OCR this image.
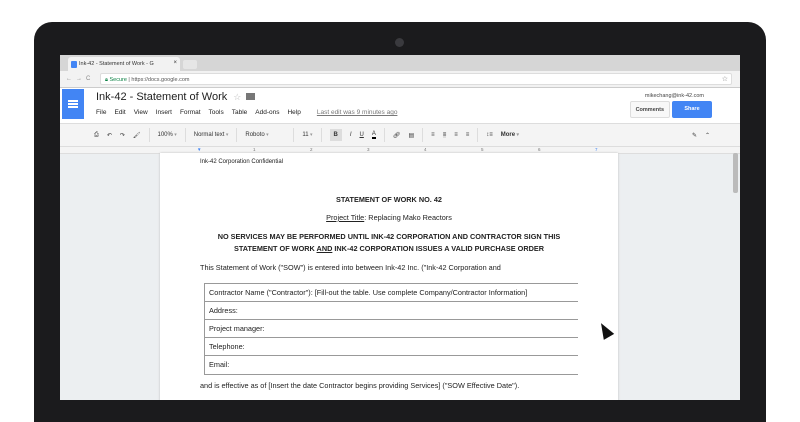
Ink-42 - Statement of Work - G	×
←→C	🔒︎ Secure | https://docs.google.com	☆
Ink-42 - Statement of Work ☆
File Edit View Insert Format Tools Table Add-ons Help Last edit was 9 minutes ago
mikechang@ink-42.com
Comments	Share
⎙ ↶ ↷ 🖌︎	100% ▾	Normal text ▾	Roboto ▾	11 ▾	B	I U A	🔗︎ ▤	≡ ≡ ≡ ≡	↕≡ More ▾	✎ ⌃
▼	1	2	3	4	5	6	7

Ink-42 Corporation Confidential

STATEMENT OF WORK NO. 42

Project Title: Replacing Mako Reactors

NO SERVICES MAY BE PERFORMED UNTIL INK-42 CORPORATION AND CONTRACTOR SIGN THIS

STATEMENT OF WORK AND INK-42 CORPORATION ISSUES A VALID PURCHASE ORDER

This Statement of Work ("SOW") is entered into between Ink-42 Inc. ("Ink-42 Corporation and

Contractor Name ("Contractor"): [Fill-out the table. Use complete Company/Contractor Information]
Address:
Project manager:
Telephone:
Email:

and is effective as of [Insert the date Contractor begins providing Services] ("SOW Effective Date").
